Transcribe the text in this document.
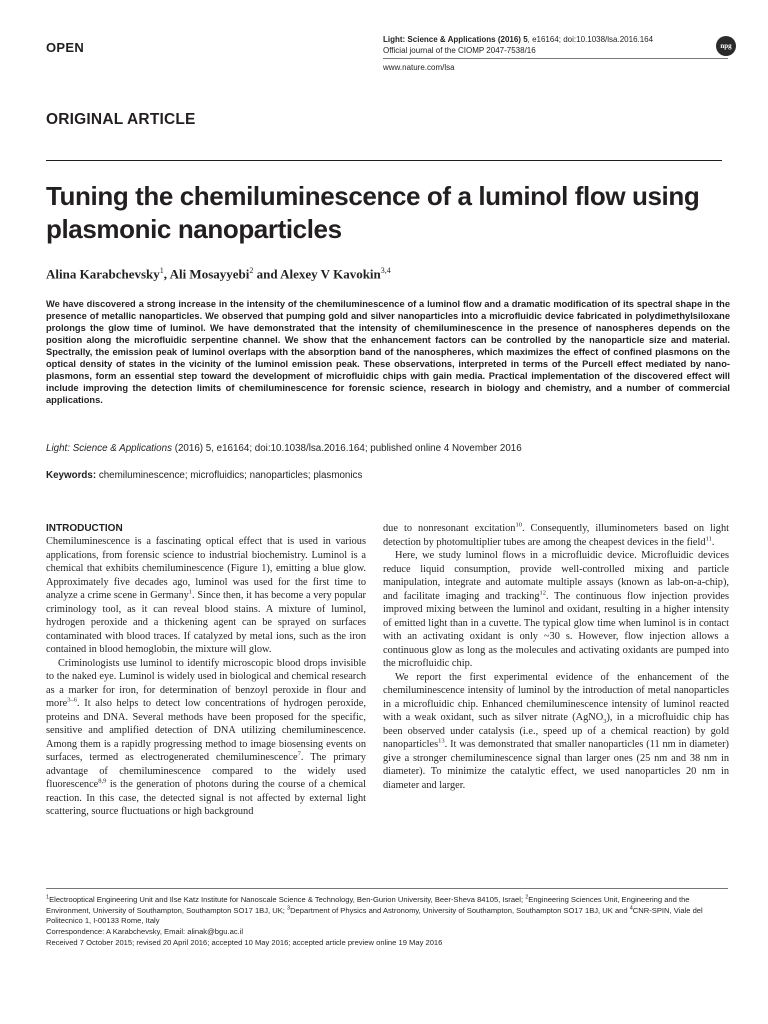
OPEN
Light: Science & Applications (2016) 5, e16164; doi:10.1038/lsa.2016.164
Official journal of the CIOMP 2047-7538/16	npg
www.nature.com/lsa
ORIGINAL ARTICLE
Tuning the chemiluminescence of a luminol flow using plasmonic nanoparticles
Alina Karabchevsky$^1$, Ali Mosayyebi$^2$ and Alexey V Kavokin$^{3,4}$
We have discovered a strong increase in the intensity of the chemiluminescence of a luminol flow and a dramatic modification of its spectral shape in the presence of metallic nanoparticles. We observed that pumping gold and silver nanoparticles into a microfluidic device fabricated in polydimethylsiloxane prolongs the glow time of luminol. We have demonstrated that the intensity of chemiluminescence in the presence of nanospheres depends on the position along the microfluidic serpentine channel. We show that the enhancement factors can be controlled by the nanoparticle size and material. Spectrally, the emission peak of luminol overlaps with the absorption band of the nanospheres, which maximizes the effect of confined plasmons on the optical density of states in the vicinity of the luminol emission peak. These observations, interpreted in terms of the Purcell effect mediated by nano-plasmons, form an essential step toward the development of microfluidic chips with gain media. Practical implementation of the discovered effect will include improving the detection limits of chemiluminescence for forensic science, research in biology and chemistry, and a number of commercial applications.
Light: Science & Applications (2016) 5, e16164; doi:10.1038/lsa.2016.164; published online 4 November 2016
Keywords: chemiluminescence; microfluidics; nanoparticles; plasmonics

INTRODUCTION

Chemiluminescence is a fascinating optical effect that is used in various applications, from forensic science to industrial biochemistry. Luminol is a chemical that exhibits chemiluminescence (Figure 1), emitting a blue glow. Approximately five decades ago, luminol was used for the first time to analyze a crime scene in Germany$^1$. Since then, it has become a very popular criminology tool, as it can reveal blood stains. A mixture of luminol, hydrogen peroxide and a thickening agent can be sprayed on surfaces contaminated with blood traces. If catalyzed by metal ions, such as the iron contained in blood hemoglobin, the mixture will glow.

Criminologists use luminol to identify microscopic blood drops invisible to the naked eye. Luminol is widely used in biological and chemical research as a marker for iron, for determination of benzoyl peroxide in flour and more$^{3-6}$. It also helps to detect low concentrations of hydrogen peroxide, proteins and DNA. Several methods have been proposed for the specific, sensitive and amplified detection of DNA utilizing chemiluminescence. Among them is a rapidly progressing method to image biosensing events on surfaces, termed as electrogenerated chemiluminescence$^7$. The primary advantage of chemiluminescence compared to the widely used fluorescence$^{8,9}$ is the generation of photons during the course of a chemical reaction. In this case, the detected signal is not affected by external light scattering, source fluctuations or high background

due to nonresonant excitation$^{10}$. Consequently, illuminometers based on light detection by photomultiplier tubes are among the cheapest devices in the field$^{11}$.

Here, we study luminol flows in a microfluidic device. Microfluidic devices reduce liquid consumption, provide well-controlled mixing and particle manipulation, integrate and automate multiple assays (known as lab-on-a-chip), and facilitate imaging and tracking$^{12}$. The continuous flow injection provides improved mixing between the luminol and oxidant, resulting in a higher intensity of emitted light than in a cuvette. The typical glow time when luminol is in contact with an activating oxidant is only ~30 s. However, flow injection allows a continuous glow as long as the molecules and activating oxidants are pumped into the microfluidic chip.

We report the first experimental evidence of the enhancement of the chemiluminescence intensity of luminol by the introduction of metal nanoparticles in a microfluidic chip. Enhanced chemiluminescence intensity of luminol reacted with a weak oxidant, such as silver nitrate (AgNO$_3$), in a microfluidic chip has been observed under catalysis (i.e., speed up of a chemical reaction) by gold nanoparticles$^{13}$. It was demonstrated that smaller nanoparticles (11 nm in diameter) give a stronger chemiluminescence signal than larger ones (25 nm and 38 nm in diameter). To minimize the catalytic effect, we used nanoparticles 20 nm in diameter and larger.

$^1$Electrooptical Engineering Unit and Ilse Katz Institute for Nanoscale Science & Technology, Ben-Gurion University, Beer-Sheva 84105, Israel; $^2$Engineering Sciences Unit, Engineering and the Environment, University of Southampton, Southampton SO17 1BJ, UK; $^3$Department of Physics and Astronomy, University of Southampton, Southampton SO17 1BJ, UK and $^4$CNR-SPIN, Viale del Politecnico 1, I-00133 Rome, Italy
Correspondence: A Karabchevsky, Email: alinak@bgu.ac.il
Received 7 October 2015; revised 20 April 2016; accepted 10 May 2016; accepted article preview online 19 May 2016
